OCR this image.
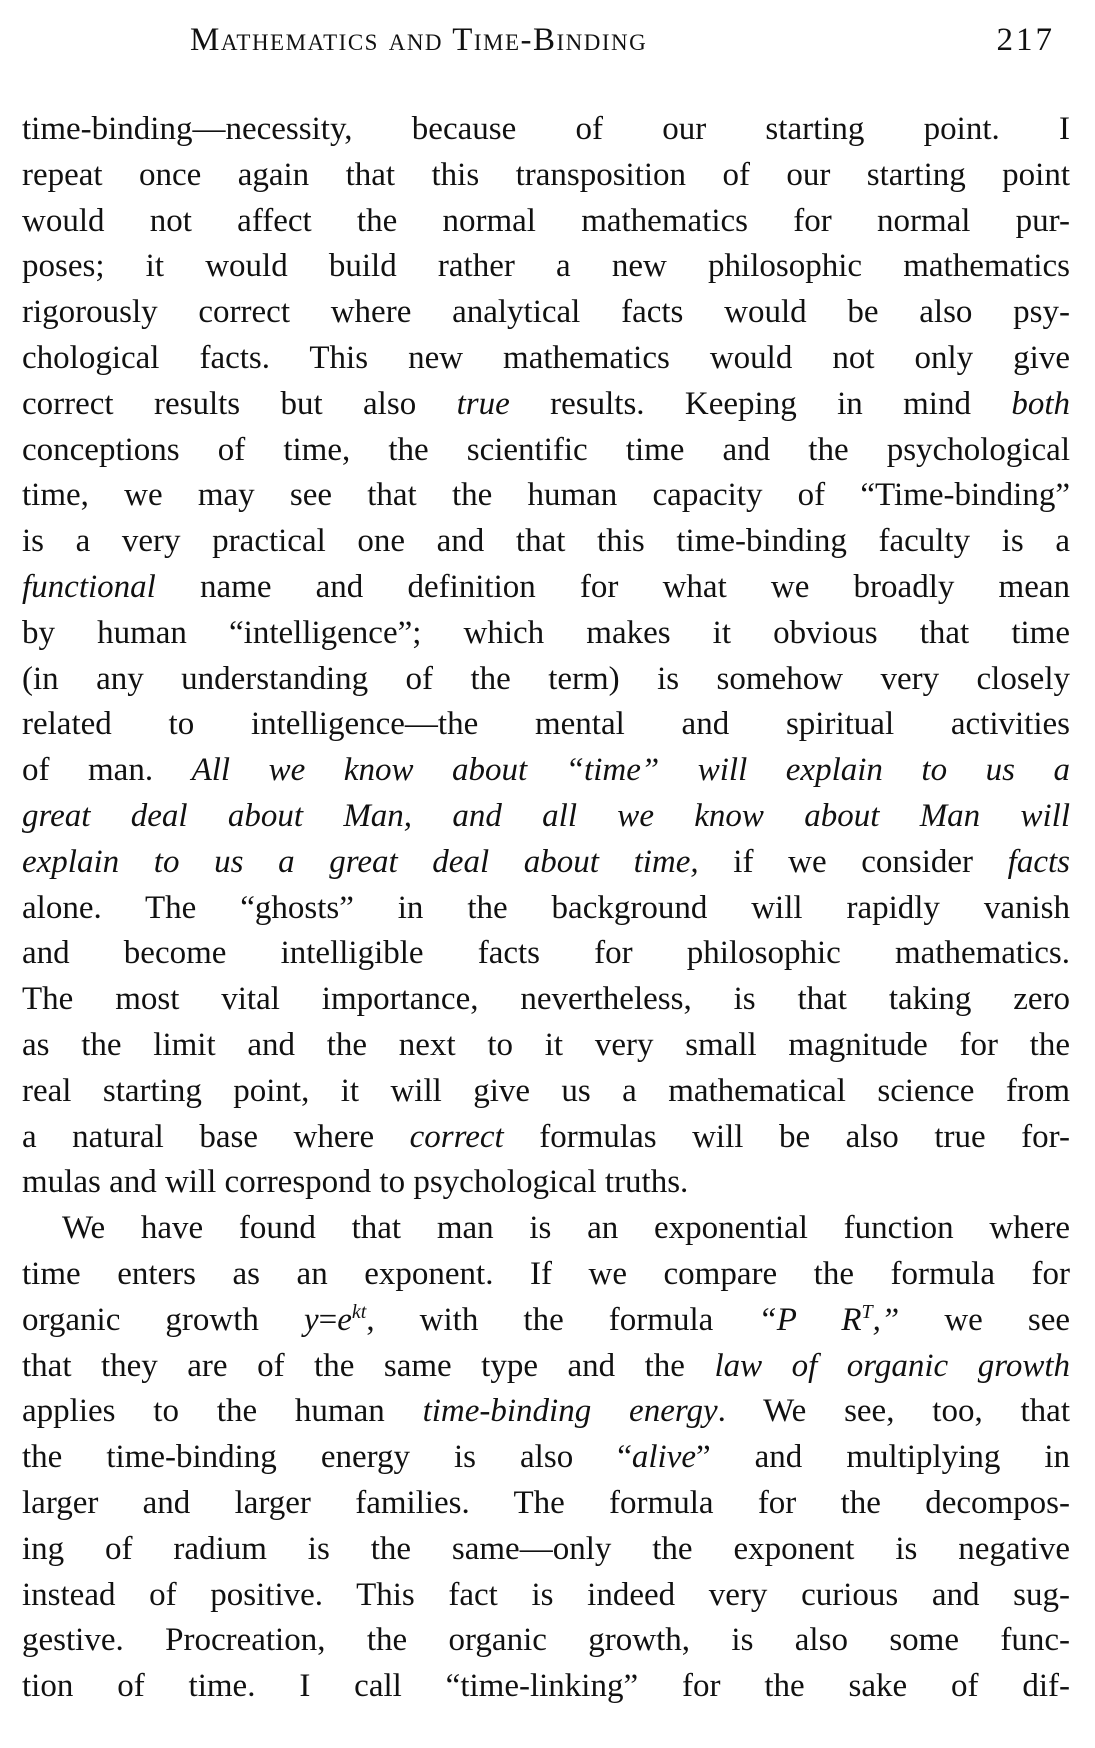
Mathematics and Time-Binding	217
time-binding—necessity, because of our starting point. I
repeat once again that this transposition of our starting point
would not affect the normal mathematics for normal pur-
poses; it would build rather a new philosophic mathematics
rigorously correct where analytical facts would be also psy-
chological facts. This new mathematics would not only give
correct results but also true results. Keeping in mind both
conceptions of time, the scientific time and the psychological
time, we may see that the human capacity of “Time-binding”
is a very practical one and that this time-binding faculty is a
functional name and definition for what we broadly mean
by human “intelligence”; which makes it obvious that time
(in any understanding of the term) is somehow very closely
related to intelligence—the mental and spiritual activities
of man. All we know about “time” will explain to us a
great deal about Man, and all we know about Man will
explain to us a great deal about time, if we consider facts
alone. The “ghosts” in the background will rapidly vanish
and become intelligible facts for philosophic mathematics.
The most vital importance, nevertheless, is that taking zero
as the limit and the next to it very small magnitude for the
real starting point, it will give us a mathematical science from
a natural base where correct formulas will be also true for-
mulas and will correspond to psychological truths.
We have found that man is an exponential function where
time enters as an exponent. If we compare the formula for
organic growth $y=e^{kt}$, with the formula “P $R^T$,” we see
that they are of the same type and the law of organic growth
applies to the human time-binding energy. We see, too, that
the time-binding energy is also “alive” and multiplying in
larger and larger families. The formula for the decompos-
ing of radium is the same—only the exponent is negative
instead of positive. This fact is indeed very curious and sug-
gestive. Procreation, the organic growth, is also some func-
tion of time. I call “time-linking” for the sake of dif-
